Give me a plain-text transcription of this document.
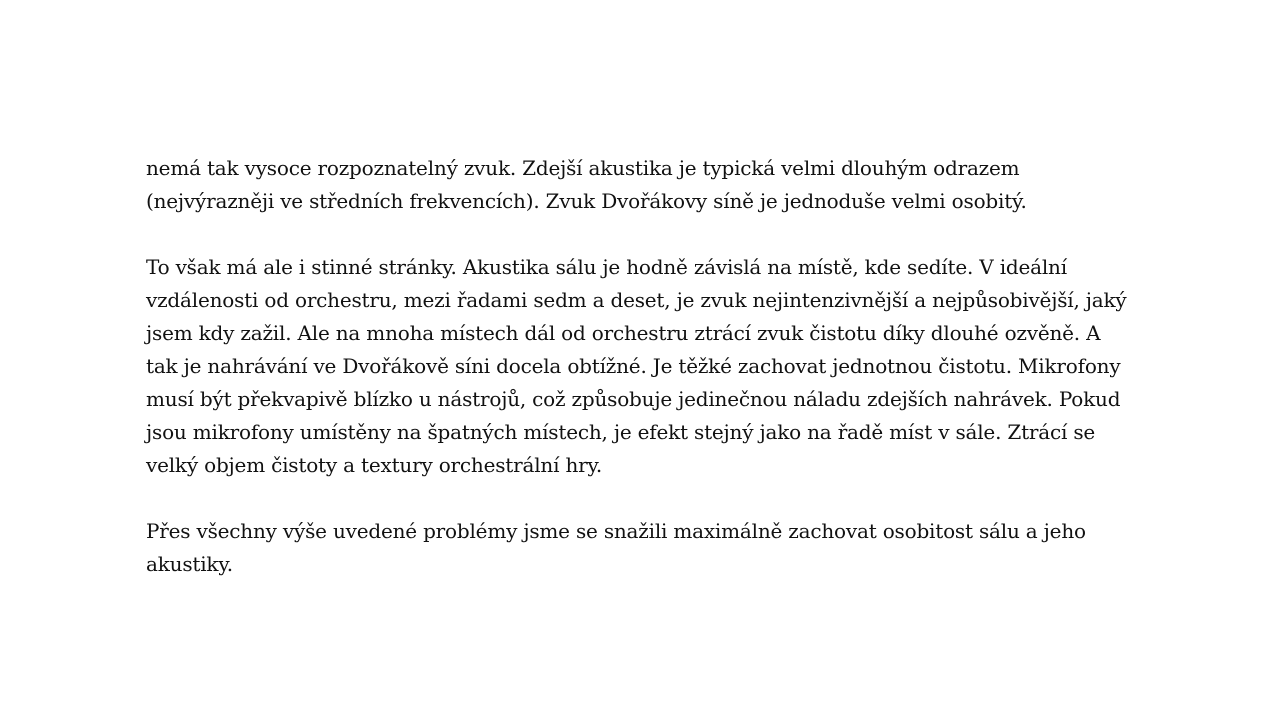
nemá tak vysoce rozpoznatelný zvuk. Zdejší akustika je typická velmi dlouhým odrazem (nejvýrazněji ve středních frekvencích). Zvuk Dvořákovy síně je jednoduše velmi osobitý.

To však má ale i stinné stránky. Akustika sálu je hodně závislá na místě, kde sedíte. V ideální vzdálenosti od orchestru, mezi řadami sedm a deset, je zvuk nejintenzivnější a nejpůsobivější, jaký jsem kdy zažil. Ale na mnoha místech dál od orchestru ztrácí zvuk čistotu díky dlouhé ozvěně. A tak je nahrávání ve Dvořákově síni docela obtížné. Je těžké zachovat jednotnou čistotu. Mikrofony musí být překvapivě blízko u nástrojů, což způsobuje jedinečnou náladu zdejších nahrávek. Pokud jsou mikrofony umístěny na špatných místech, je efekt stejný jako na řadě míst v sále. Ztrácí se velký objem čistoty a textury orchestrální hry.

Přes všechny výše uvedené problémy jsme se snažili maximálně zachovat osobitost sálu a jeho akustiky.
